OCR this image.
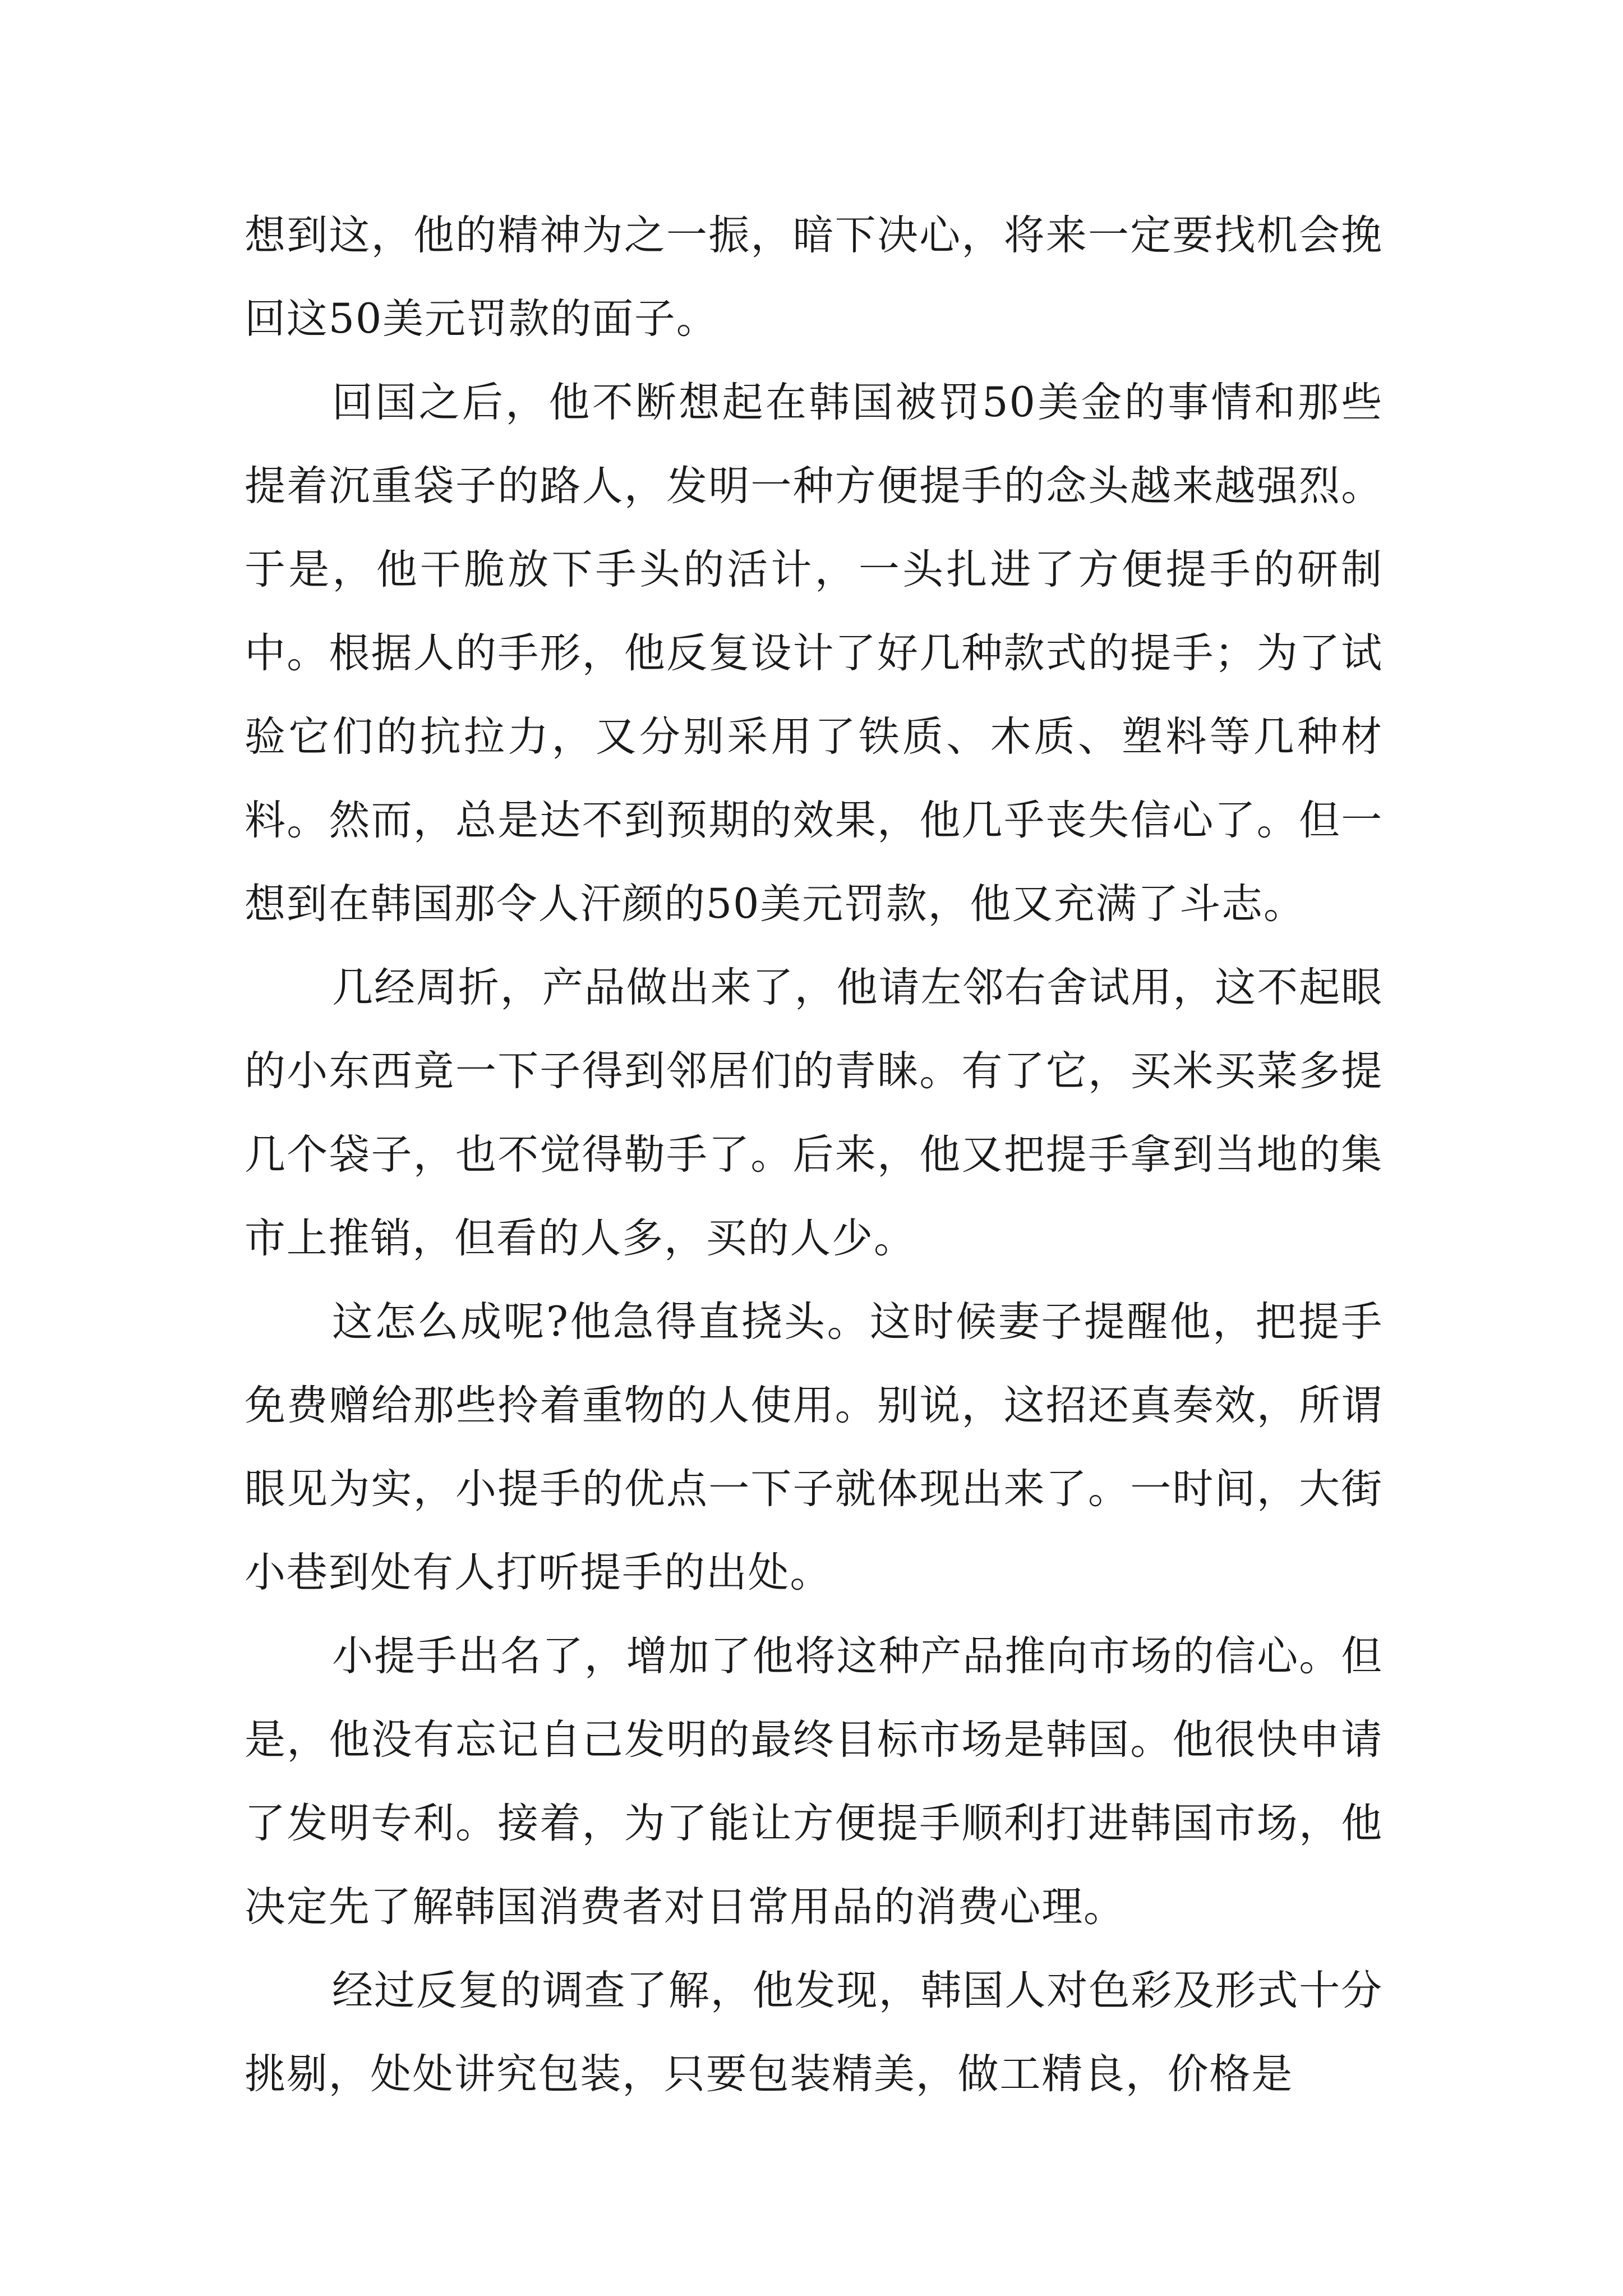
想到这，他的精神为之一振，暗下决心，将来一定要找机会挽回这50美元罚款的面子。

回国之后，他不断想起在韩国被罚50美金的事情和那些提着沉重袋子的路人，发明一种方便提手的念头越来越强烈。于是，他干脆放下手头的活计，一头扎进了方便提手的研制中。根据人的手形，他反复设计了好几种款式的提手；为了试验它们的抗拉力，又分别采用了铁质、木质、塑料等几种材料。然而，总是达不到预期的效果，他几乎丧失信心了。但一想到在韩国那令人汗颜的50美元罚款，他又充满了斗志。

几经周折，产品做出来了，他请左邻右舍试用，这不起眼的小东西竟一下子得到邻居们的青睐。有了它，买米买菜多提几个袋子，也不觉得勒手了。后来，他又把提手拿到当地的集市上推销，但看的人多，买的人少。

这怎么成呢?他急得直挠头。这时候妻子提醒他，把提手免费赠给那些拎着重物的人使用。别说，这招还真奏效，所谓眼见为实，小提手的优点一下子就体现出来了。一时间，大街小巷到处有人打听提手的出处。

小提手出名了，增加了他将这种产品推向市场的信心。但是，他没有忘记自己发明的最终目标市场是韩国。他很快申请了发明专利。接着，为了能让方便提手顺利打进韩国市场，他决定先了解韩国消费者对日常用品的消费心理。

经过反复的调查了解，他发现，韩国人对色彩及形式十分挑剔，处处讲究包装，只要包装精美，做工精良，价格是
